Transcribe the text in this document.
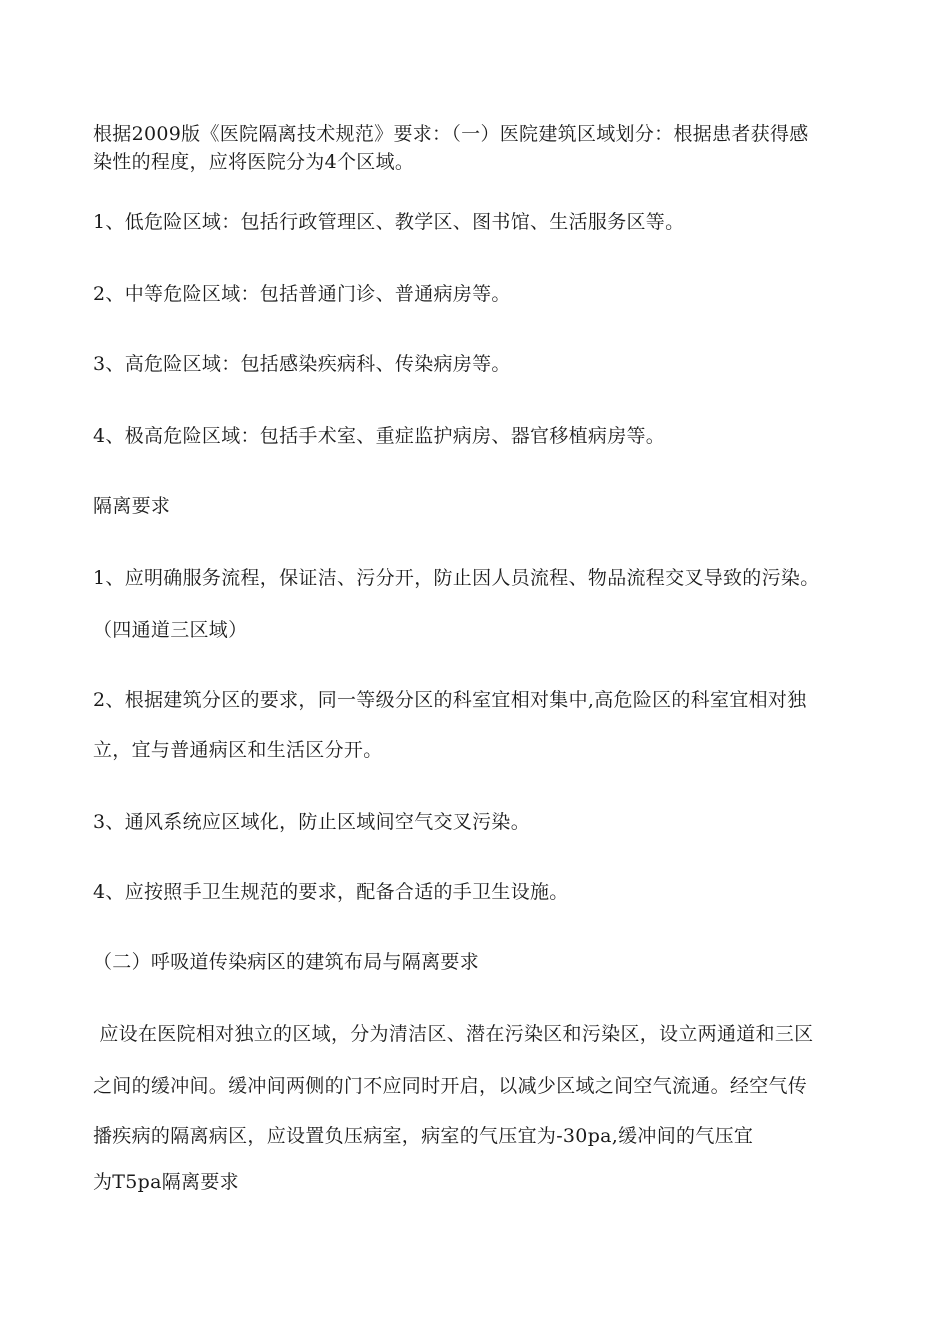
根据2009版《医院隔离技术规范》要求：（一）医院建筑区域划分：根据患者获得感
染性的程度，应将医院分为4个区域。
1、低危险区域：包括行政管理区、教学区、图书馆、生活服务区等。
2、中等危险区域：包括普通门诊、普通病房等。
3、高危险区域：包括感染疾病科、传染病房等。
4、极高危险区域：包括手术室、重症监护病房、器官移植病房等。
隔离要求
1、应明确服务流程，保证洁、污分开，防止因人员流程、物品流程交叉导致的污染。
（四通道三区域）
2、根据建筑分区的要求，同一等级分区的科室宜相对集中,高危险区的科室宜相对独
立，宜与普通病区和生活区分开。
3、通风系统应区域化，防止区域间空气交叉污染。
4、应按照手卫生规范的要求，配备合适的手卫生设施。
（二）呼吸道传染病区的建筑布局与隔离要求
应设在医院相对独立的区域，分为清洁区、潜在污染区和污染区，设立两通道和三区
之间的缓冲间。缓冲间两侧的门不应同时开启，以减少区域之间空气流通。经空气传
播疾病的隔离病区，应设置负压病室，病室的气压宜为-30pa,缓冲间的气压宜
为T5pa隔离要求
